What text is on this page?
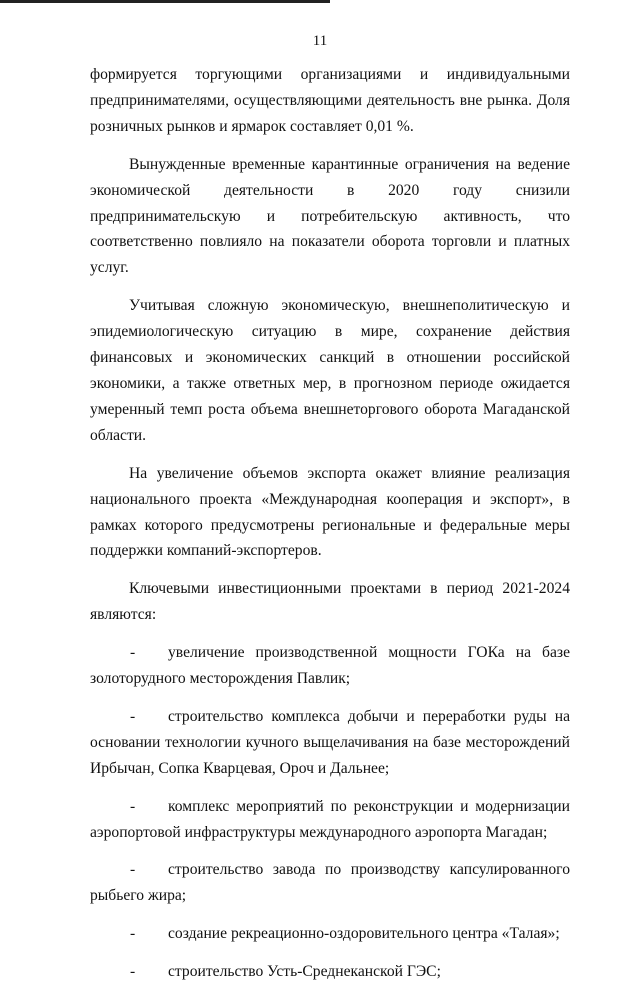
11

формируется торгующими организациями и индивидуальными предпринимателями, осуществляющими деятельность вне рынка. Доля розничных рынков и ярмарок составляет 0,01 %.

Вынужденные временные карантинные ограничения на ведение экономической деятельности в 2020 году снизили предпринимательскую и потребительскую активность, что соответственно повлияло на показатели оборота торговли и платных услуг.

Учитывая сложную экономическую, внешнеполитическую и эпидемиологическую ситуацию в мире, сохранение действия финансовых и экономических санкций в отношении российской экономики, а также ответных мер, в прогнозном периоде ожидается умеренный темп роста объема внешнеторгового оборота Магаданской области.

На увеличение объемов экспорта окажет влияние реализация национального проекта «Международная кооперация и экспорт», в рамках которого предусмотрены региональные и федеральные меры поддержки компаний-экспортеров.

Ключевыми инвестиционными проектами в период 2021-2024 являются:

- увеличение производственной мощности ГОКа на базе золоторудного месторождения Павлик;
- строительство комплекса добычи и переработки руды на основании технологии кучного выщелачивания на базе месторождений Ирбычан, Сопка Кварцевая, Ороч и Дальнее;
- комплекс мероприятий по реконструкции и модернизации аэропортовой инфраструктуры международного аэропорта Магадан;
- строительство завода по производству капсулированного рыбьего жира;
- создание рекреационно-оздоровительного центра «Талая»;
- строительство Усть-Среднеканской ГЭС;
